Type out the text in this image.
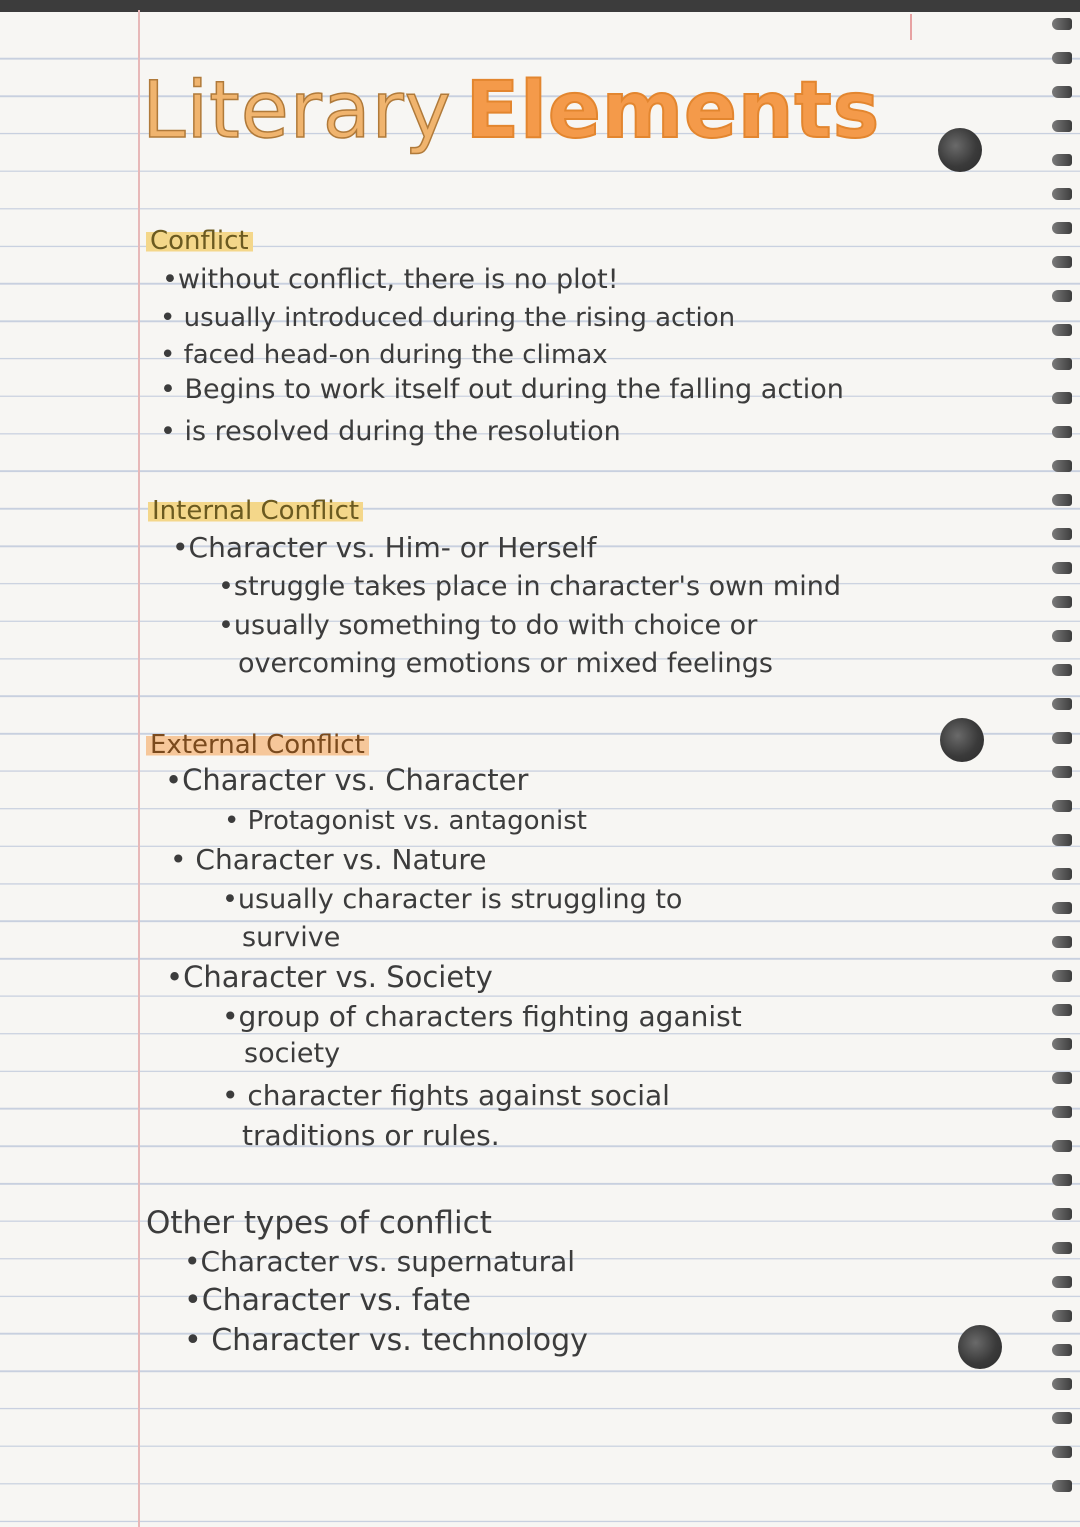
Literary Elements
Conflict
•without conflict, there is no plot!
• usually introduced during the rising action
• faced head-on during the climax
• Begins to work itself out during the falling action
• is resolved during the resolution
Internal Conflict
•Character vs. Him- or Herself
•struggle takes place in character's own mind
•usually something to do with choice or
overcoming emotions or mixed feelings
External Conflict
•Character vs. Character
• Protagonist vs. antagonist
• Character vs. Nature
•usually character is struggling to
survive
•Character vs. Society
•group of characters fighting aganist
society
• character fights against social
traditions or rules.
Other types of conflict
•Character vs. supernatural
•Character vs. fate
• Character vs. technology
